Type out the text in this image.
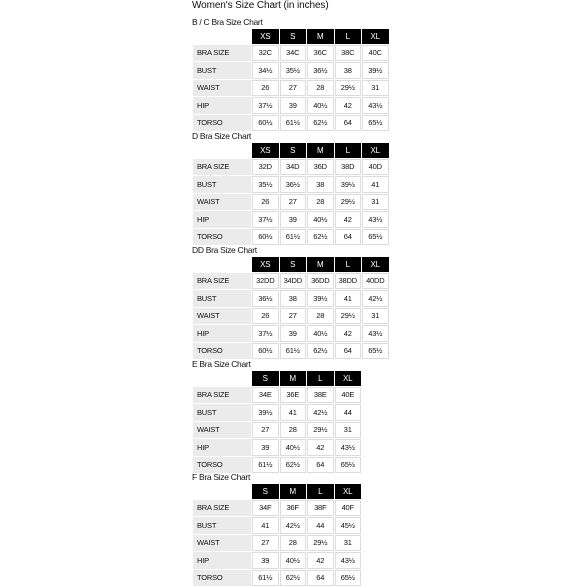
Women's Size Chart (in inches)
B / C Bra Size Chart
	XS	S	M	L	XL
BRA SIZE	32C	34C	36C	38C	40C
BUST	34½	35½	36½	38	39½
WAIST	26	27	28	29½	31
HIP	37½	39	40½	42	43½
TORSO	60½	61½	62½	64	65½
D Bra Size Chart
	XS	S	M	L	XL
BRA SIZE	32D	34D	36D	38D	40D
BUST	35½	36½	38	39½	41
WAIST	26	27	28	29½	31
HIP	37½	39	40½	42	43½
TORSO	60½	61½	62½	64	65½
DD Bra Size Chart
	XS	S	M	L	XL
BRA SIZE	32DD	34DD	36DD	38DD	40DD
BUST	36½	38	39½	41	42½
WAIST	26	27	28	29½	31
HIP	37½	39	40½	42	43½
TORSO	60½	61½	62½	64	65½
E Bra Size Chart
	S	M	L	XL
BRA SIZE	34E	36E	38E	40E
BUST	39½	41	42½	44
WAIST	27	28	29½	31
HIP	39	40½	42	43½
TORSO	61½	62½	64	65½
F Bra Size Chart
	S	M	L	XL
BRA SIZE	34F	36F	38F	40F
BUST	41	42½	44	45½
WAIST	27	28	29½	31
HIP	39	40½	42	43½
TORSO	61½	62½	64	65½
